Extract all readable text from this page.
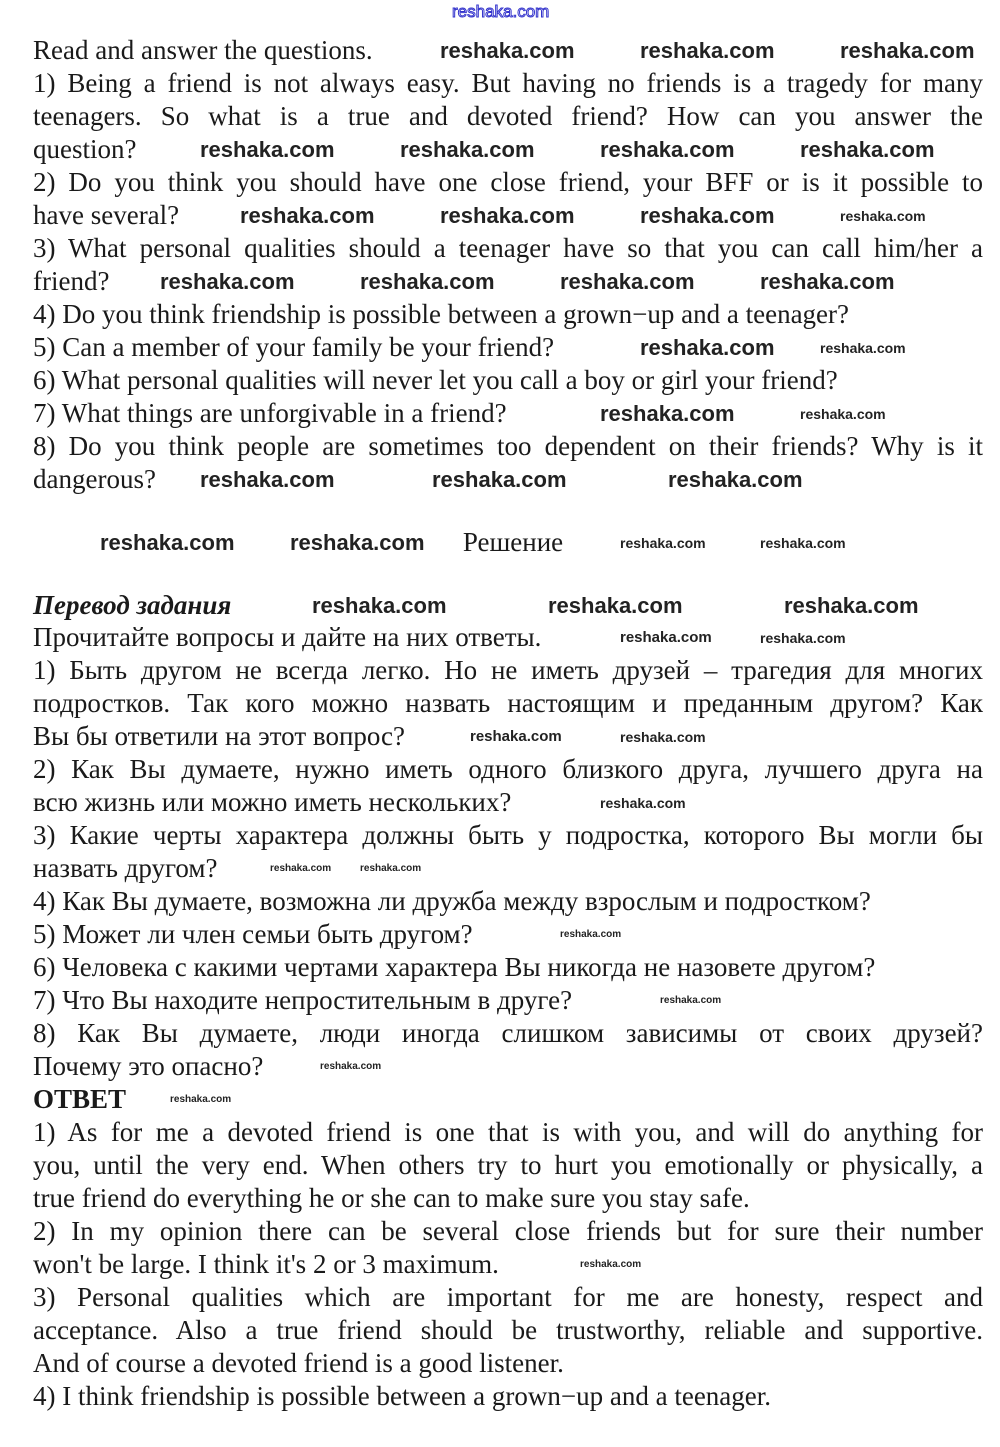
Решение
Перевод задания
ОТВЕТ
Read and answer the questions.
1) Being a friend is not always easy. But having no friends is a tragedy for many
teenagers. So what is a true and devoted friend? How can you answer the
question?
2) Do you think you should have one close friend, your BFF or is it possible to
have several?
3) What personal qualities should a teenager have so that you can call him/her a
friend?
4) Do you think friendship is possible between a grown−up and a teenager?
5) Can a member of your family be your friend?
6) What personal qualities will never let you call a boy or girl your friend?
7) What things are unforgivable in a friend?
8) Do you think people are sometimes too dependent on their friends? Why is it
dangerous?
Прочитайте вопросы и дайте на них ответы.
1) Быть другом не всегда легко. Но не иметь друзей – трагедия для многих
подростков. Так кого можно назвать настоящим и преданным другом? Как
Вы бы ответили на этот вопрос?
2) Как Вы думаете, нужно иметь одного близкого друга, лучшего друга на
всю жизнь или можно иметь нескольких?
3) Какие черты характера должны быть у подростка, которого Вы могли бы
назвать другом?
4) Как Вы думаете, возможна ли дружба между взрослым и подростком?
5) Может ли член семьи быть другом?
6) Человека с какими чертами характера Вы никогда не назовете другом?
7) Что Вы находите непростительным в друге?
8) Как Вы думаете, люди иногда слишком зависимы от своих друзей?
Почему это опасно?
1) As for me a devoted friend is one that is with you, and will do anything for
you, until the very end. When others try to hurt you emotionally or physically, a
true friend do everything he or she can to make sure you stay safe.
2) In my opinion there can be several close friends but for sure their number
won't be large. I think it's 2 or 3 maximum.
3) Personal qualities which are important for me are honesty, respect and
acceptance. Also a true friend should be trustworthy, reliable and supportive.
And of course a devoted friend is a good listener.
4) I think friendship is possible between a grown−up and a teenager.
reshaka.com
reshaka.com	reshaka.com	reshaka.com
reshaka.com	reshaka.com	reshaka.com	reshaka.com
reshaka.com	reshaka.com	reshaka.com	reshaka.com
reshaka.com	reshaka.com	reshaka.com	reshaka.com
reshaka.com	reshaka.com
reshaka.com	reshaka.com
reshaka.com	reshaka.com	reshaka.com
reshaka.com	reshaka.com	reshaka.com	reshaka.com
reshaka.com	reshaka.com	reshaka.com
reshaka.com	reshaka.com
reshaka.com	reshaka.com
reshaka.com
reshaka.com	reshaka.com
reshaka.com
reshaka.com
reshaka.com
reshaka.com
reshaka.com
